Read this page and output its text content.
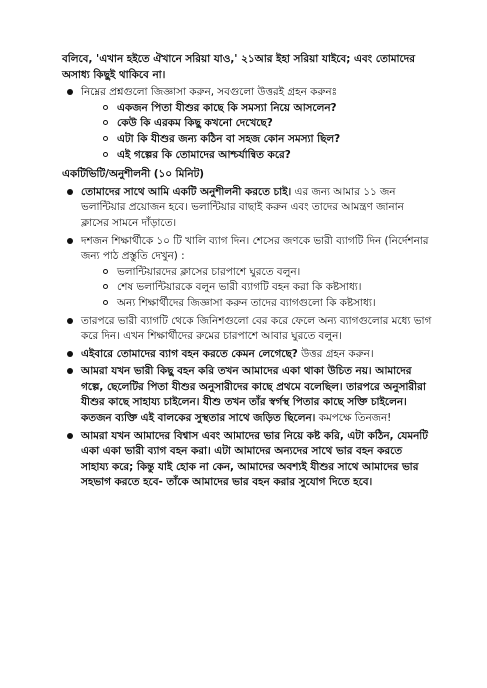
বলিবে, 'এখান হইতে ঐখানে সরিয়া যাও,' ২১আর ইহা সরিয়া যাইবে; এবং তোমাদের অসাধ্য কিছুই থাকিবে না।

নিম্নের প্রশ্নগুলো জিজ্ঞাসা করুন, সবগুলো উত্তরই গ্রহন করুনঃ
একজন পিতা যীশুর কাছে কি সমস্যা নিয়ে আসলেন?
কেউ কি এরকম কিছু কখনো দেখেছে?
এটা কি যীশুর জন্য কঠিন বা সহজ কোন সমস্যা ছিল?
এই গল্পের কি তোমাদের আশ্চর্যান্বিত করে?

একটিভিটি/অনুশীলনী (১০ মিনিট)

তোমাদের সাথে আমি একটি অনুশীলনী করতে চাই। এর জন্য আমার ১১ জন ভলান্টিয়ার প্রয়োজন হবে। ভলান্টিয়ার বাছাই করুন এবং তাদের আমন্ত্রণ জানান ক্লাসের সামনে দাঁড়াতে।
দশজন শিক্ষার্থীকে ১০ টি খালি ব্যাগ দিন। শেসের জণকে ভারী ব্যাগটি দিন (নির্দেশনার জন্য পাঠ প্রস্তুতি দেখুন) :
ভলান্টিয়ারদের ক্লাসের চারপাশে ঘুরতে বলুন।
শেষ ভলান্টিয়ারকে বলুন ভারী ব্যাগটি বহন করা কি কষ্টসাধ্য।
অন্য শিক্ষার্থীদের জিজ্ঞাসা করুন তাদের ব্যাগগুলো কি কষ্টসাধ্য।
তারপরে ভারী ব্যাগটি থেকে জিনিশগুলো বের করে ফেলে অন্য ব্যাগগুলোর মধ্যে ভাগ করে দিন। এখন শিক্ষার্থীদের রুমের চারপাশে আবার ঘুরতে বলুন।
এইবারে তোমাদের ব্যাগ বহন করতে কেমন লেগেছে? উত্তর গ্রহন করুন।
আমরা যখন ভারী কিছু বহন করি তখন আমাদের একা থাকা উচিত নয়। আমাদের গল্পে, ছেলেটির পিতা যীশুর অনুসারীদের কাছে প্রথমে বলেছিল। তারপরে অনুসারীরা যীশুর কাছে সাহায্য চাইলেন। যীশু তখন তাঁর স্বর্গস্থ পিতার কাছে সক্তি চাইলেন। কতজন ব্যক্তি এই বালকের সুস্থতার সাথে জড়িত ছিলেন। কমপক্ষে তিনজন!
আমরা যখন আমাদের বিশ্বাস এবং আমাদের ভার নিয়ে কষ্ট করি, এটা কঠিন, যেমনটি একা একা ভারী ব্যাগ বহন করা। এটা আমাদের অন্যদের সাথে ভার বহন করতে সাহায্য করে; কিন্তু যাই হোক না কেন, আমাদের অবশ্যই যীশুর সাথে আমাদের ভার সহভাগ করতে হবে- তাঁকে আমাদের ভার বহন করার সুযোগ দিতে হবে।
